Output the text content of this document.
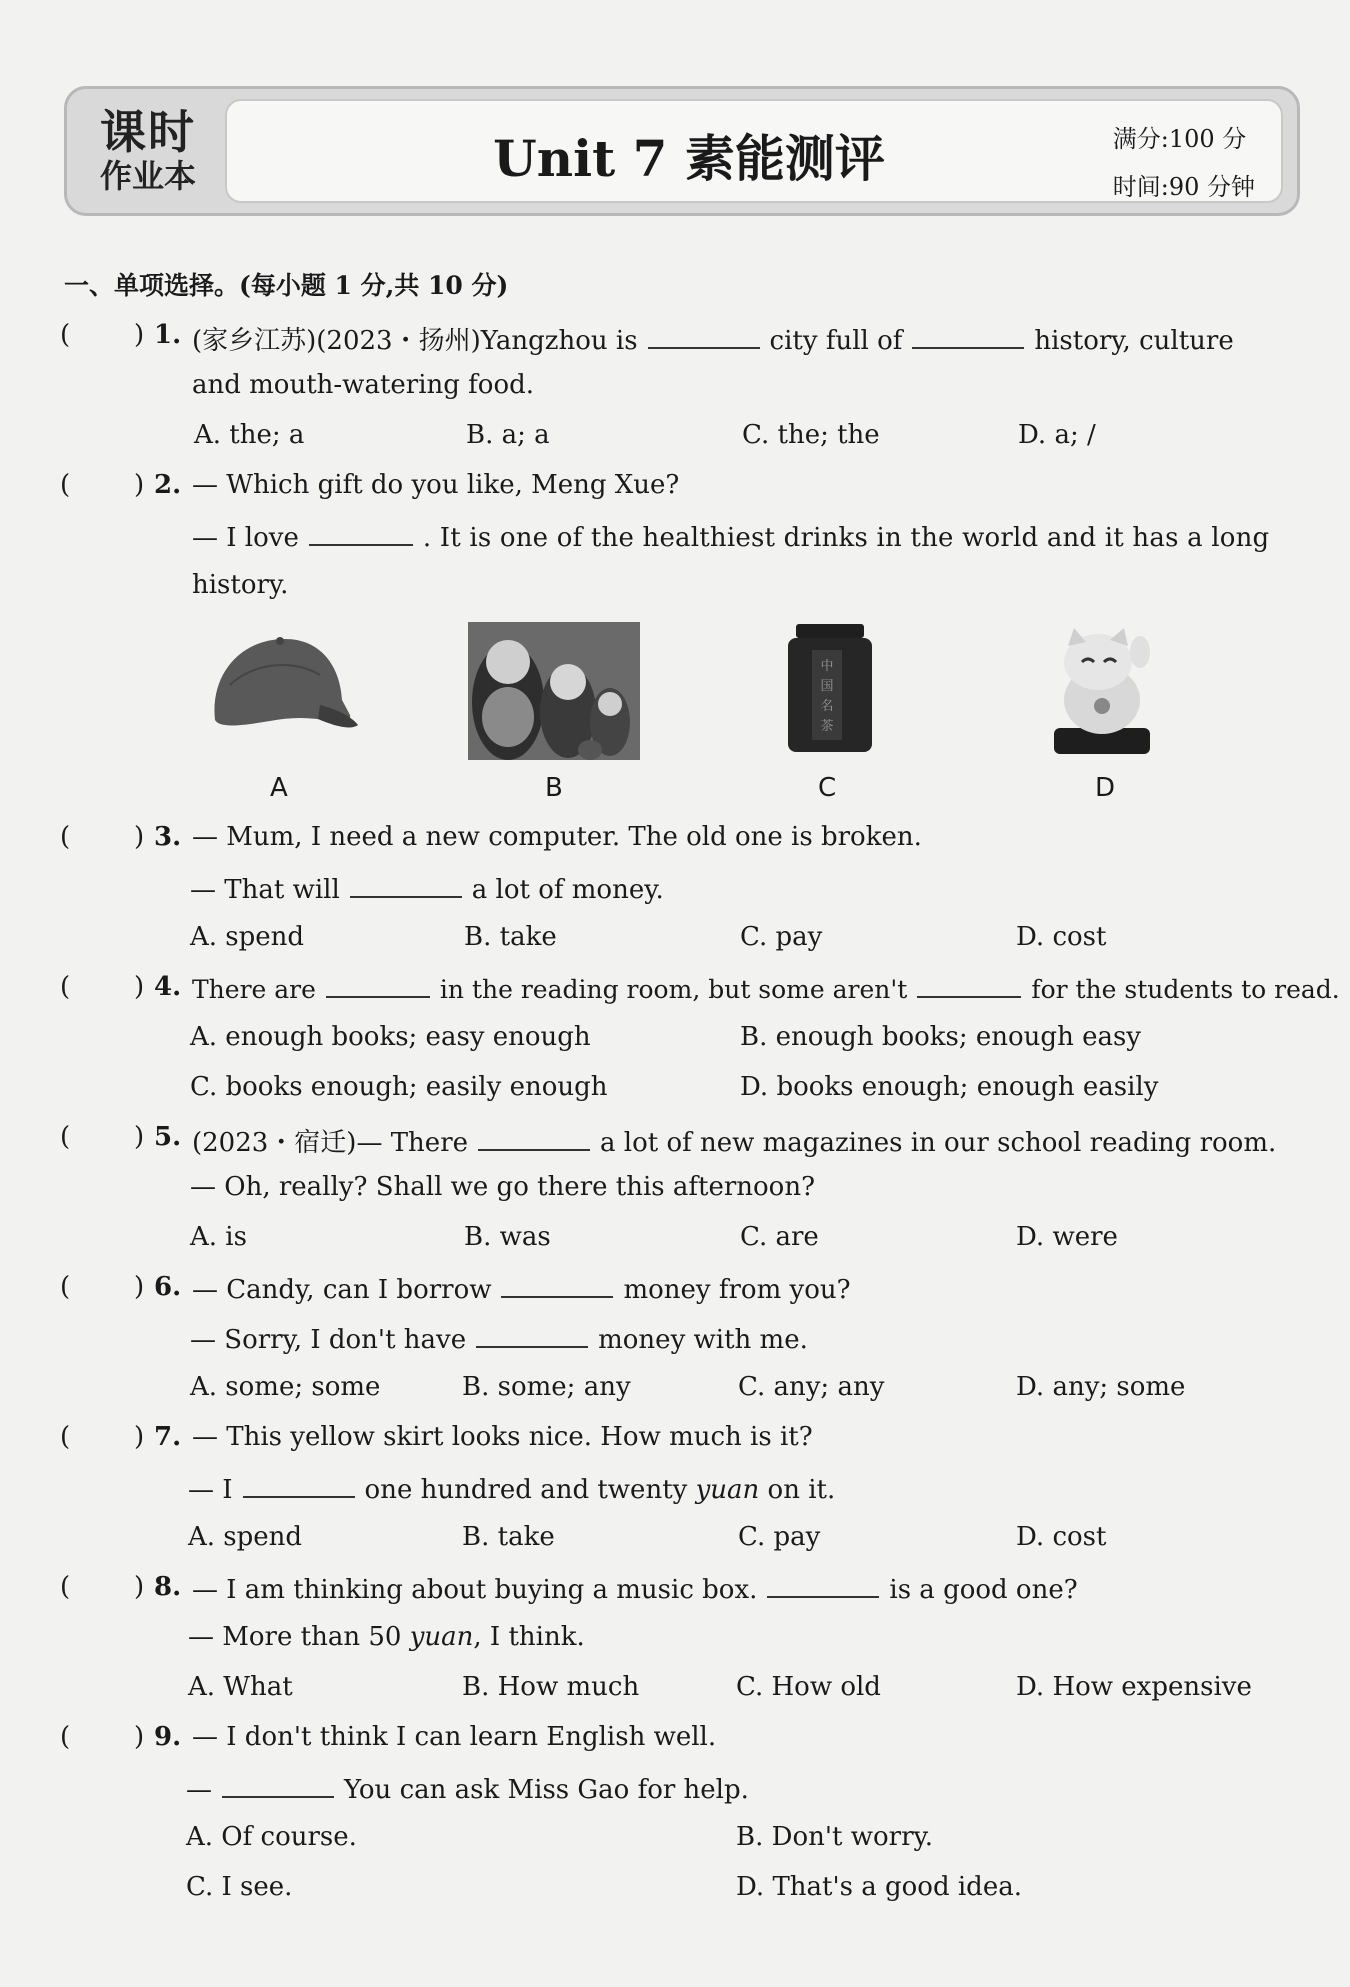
课时
作业本	Unit 7 素能测评	满分:100 分
时间:90 分钟
一、单项选择。(每小题 1 分,共 10 分)
( ) 1. (家乡江苏)(2023・扬州)Yangzhou is	city full of	history, culture
and mouth-watering food.
A. the; a	B. a; a	C. the; the	D. a; /
( ) 2. — Which gift do you like, Meng Xue?
— I love	. It is one of the healthiest drinks in the world and it has a long
history.
中
国
名
茶
A	B	C	D
( ) 3. — Mum, I need a new computer. The old one is broken.
— That will	a lot of money.
A. spend	B. take	C. pay	D. cost
( ) 4. There are	in the reading room, but some aren't	for the students to read.
A. enough books; easy enough	B. enough books; enough easy
C. books enough; easily enough	D. books enough; enough easily
( ) 5. (2023・宿迁)— There	a lot of new magazines in our school reading room.
— Oh, really? Shall we go there this afternoon?
A. is	B. was	C. are	D. were
( ) 6. — Candy, can I borrow	money from you?
— Sorry, I don't have	money with me.
A. some; some	B. some; any	C. any; any	D. any; some
( ) 7. — This yellow skirt looks nice. How much is it?
— I	one hundred and twenty yuan on it.
A. spend	B. take	C. pay	D. cost
( ) 8. — I am thinking about buying a music box.	is a good one?
— More than 50 yuan, I think.
A. What	B. How much	C. How old	D. How expensive
( ) 9. — I don't think I can learn English well.
—	You can ask Miss Gao for help.
A. Of course.	B. Don't worry.
C. I see.	D. That's a good idea.
